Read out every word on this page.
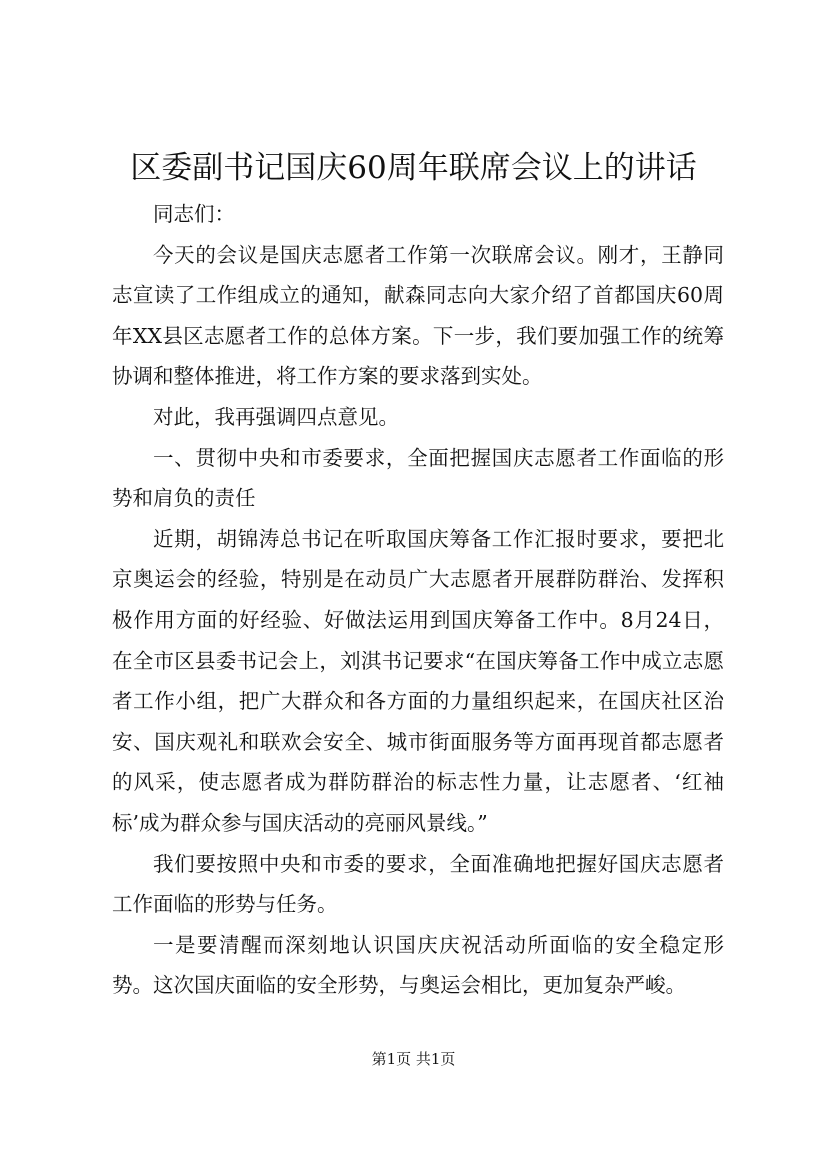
区委副书记国庆60周年联席会议上的讲话

同志们：

今天的会议是国庆志愿者工作第一次联席会议。刚才，王静同志宣读了工作组成立的通知，献森同志向大家介绍了首都国庆60周年XX县区志愿者工作的总体方案。下一步，我们要加强工作的统筹协调和整体推进，将工作方案的要求落到实处。

对此，我再强调四点意见。

一、贯彻中央和市委要求，全面把握国庆志愿者工作面临的形势和肩负的责任

近期，胡锦涛总书记在听取国庆筹备工作汇报时要求，要把北京奥运会的经验，特别是在动员广大志愿者开展群防群治、发挥积极作用方面的好经验、好做法运用到国庆筹备工作中。8月24日，在全市区县委书记会上，刘淇书记要求“在国庆筹备工作中成立志愿者工作小组，把广大群众和各方面的力量组织起来，在国庆社区治安、国庆观礼和联欢会安全、城市街面服务等方面再现首都志愿者的风采，使志愿者成为群防群治的标志性力量，让志愿者、‘红袖标’成为群众参与国庆活动的亮丽风景线。”

我们要按照中央和市委的要求，全面准确地把握好国庆志愿者工作面临的形势与任务。

一是要清醒而深刻地认识国庆庆祝活动所面临的安全稳定形势。这次国庆面临的安全形势，与奥运会相比，更加复杂严峻。

第1页 共1页
